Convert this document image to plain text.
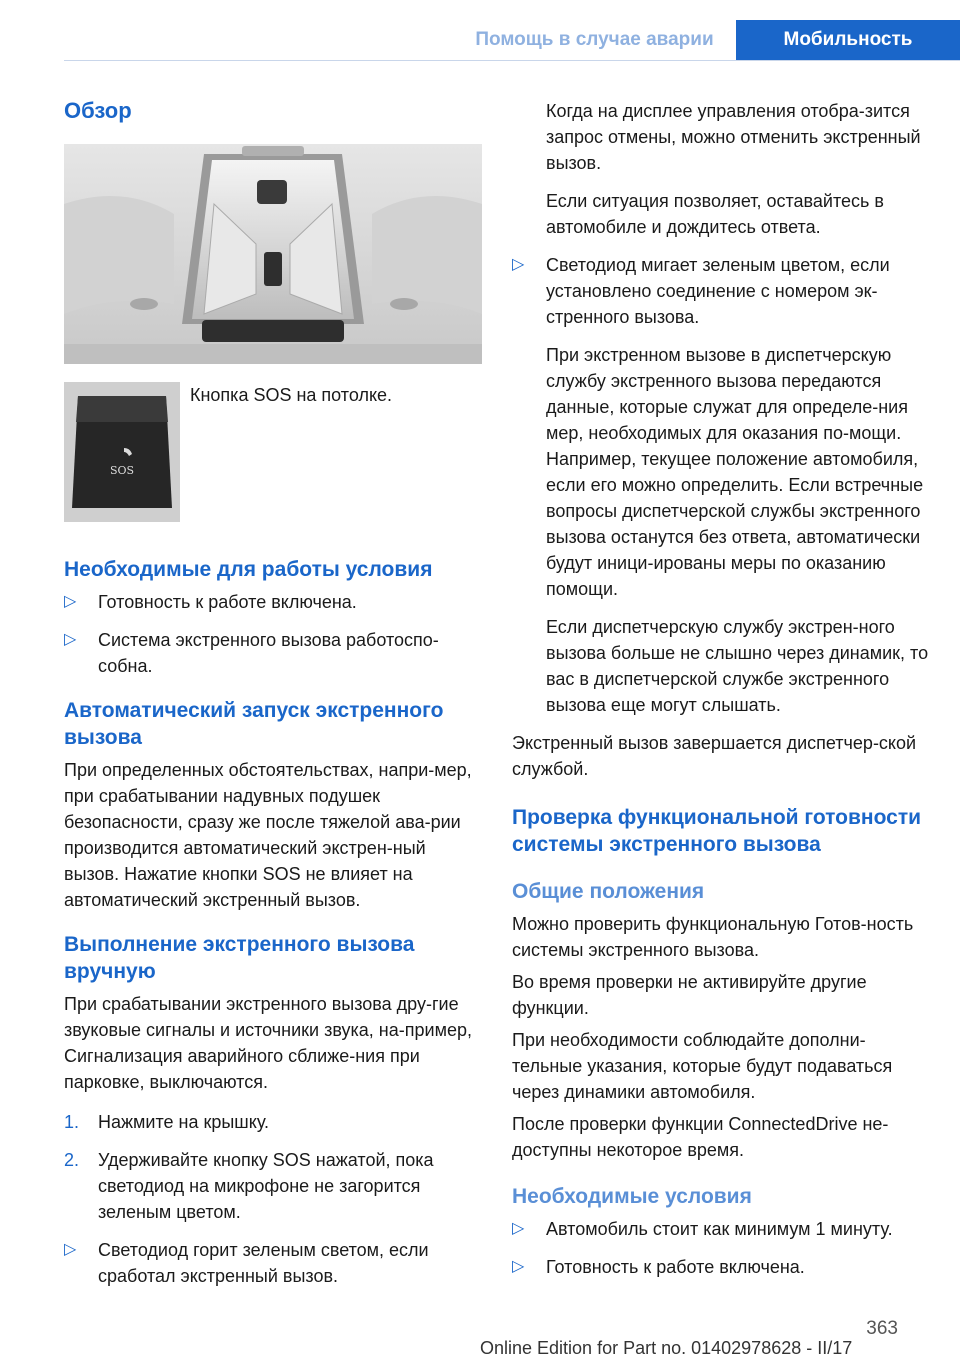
Помощь в случае аварии	Мобильность
Обзор
SOS
Кнопка SOS на потолке.
Необходимые для работы условия
▷ Готовность к работе включена.
▷ Система экстренного вызова работоспо-собна.
Автоматический запуск экстренного вызова
При определенных обстоятельствах, напри-мер, при срабатывании надувных подушек безопасности, сразу же после тяжелой ава-рии производится автоматический экстрен-ный вызов. Нажатие кнопки SOS не влияет на автоматический экстренный вызов.
Выполнение экстренного вызова вручную
При срабатывании экстренного вызова дру-гие звуковые сигналы и источники звука, на-пример, Сигнализация аварийного сближе-ния при парковке, выключаются.
1. Нажмите на крышку.
2. Удерживайте кнопку SOS нажатой, пока светодиод на микрофоне не загорится зеленым цветом.
▷ Светодиод горит зеленым светом, если сработал экстренный вызов.
Когда на дисплее управления отобра-зится запрос отмены, можно отменить экстренный вызов.
Если ситуация позволяет, оставайтесь в автомобиле и дождитесь ответа.
▷ Светодиод мигает зеленым цветом, если установлено соединение с номером эк-стренного вызова.
При экстренном вызове в диспетчерскую службу экстренного вызова передаются данные, которые служат для определе-ния мер, необходимых для оказания по-мощи. Например, текущее положение автомобиля, если его можно определить. Если встречные вопросы диспетчерской службы экстренного вызова останутся без ответа, автоматически будут иници-ированы меры по оказанию помощи.
Если диспетчерскую службу экстрен-ного вызова больше не слышно через динамик, то вас в диспетчерской службе экстренного вызова еще могут слышать.
Экстренный вызов завершается диспетчер-ской службой.
Проверка функциональной готовности системы экстренного вызова
Общие положения
Можно проверить функциональную Готов-ность системы экстренного вызова.
Во время проверки не активируйте другие функции.
При необходимости соблюдайте дополни-тельные указания, которые будут подаваться через динамики автомобиля.
После проверки функции ConnectedDrive не-доступны некоторое время.
Необходимые условия
▷ Автомобиль стоит как минимум 1 минуту.
▷ Готовность к работе включена.
363
Online Edition for Part no. 01402978628 - II/17
